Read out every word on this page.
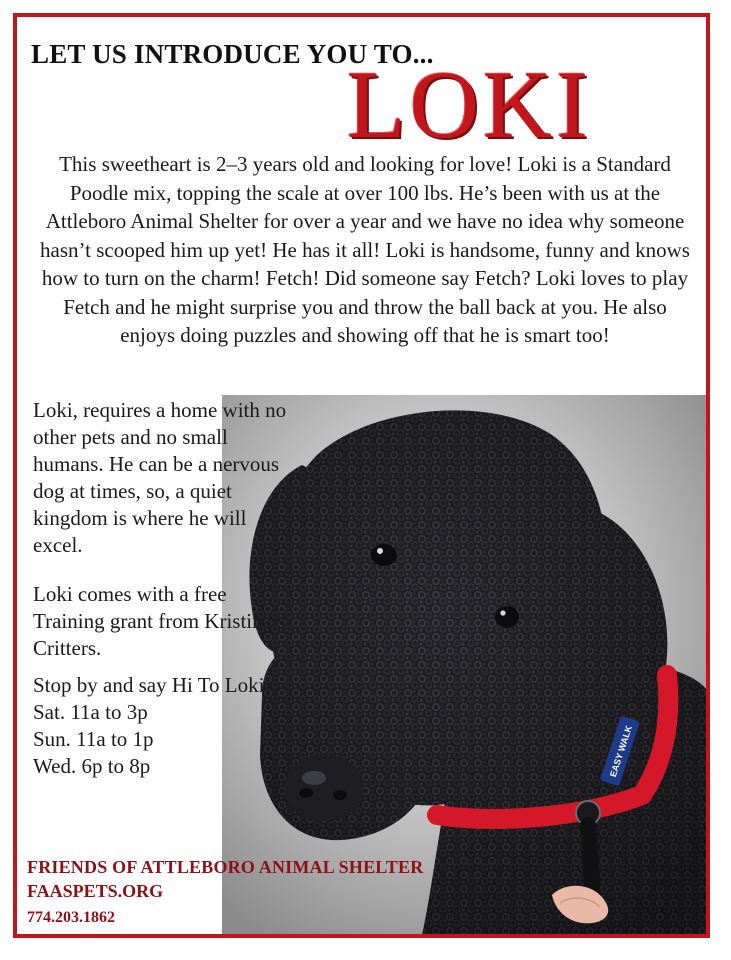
EASY WALK
LET US INTRODUCE YOU TO...
LOKI

This sweetheart is 2–3 years old and looking for love! Loki is a Standard Poodle mix, topping the scale at over 100 lbs. He’s been with us at the Attleboro Animal Shelter for over a year and we have no idea why someone hasn’t scooped him up yet! He has it all! Loki is handsome, funny and knows how to turn on the charm! Fetch! Did someone say Fetch? Loki loves to play Fetch and he might surprise you and throw the ball back at you. He also enjoys doing puzzles and showing off that he is smart too!

Loki, requires a home with no other pets and no small humans. He can be a nervous dog at times, so, a quiet kingdom is where he will excel.

Loki comes with a free Training grant from Kristina’s Critters.

Stop by and say Hi To Loki!

Sat. 11a to 3p

Sun. 11a to 1p

Wed. 6p to 8p

FRIENDS OF ATTLEBORO ANIMAL SHELTER
FAASPETS.ORG
774.203.1862
